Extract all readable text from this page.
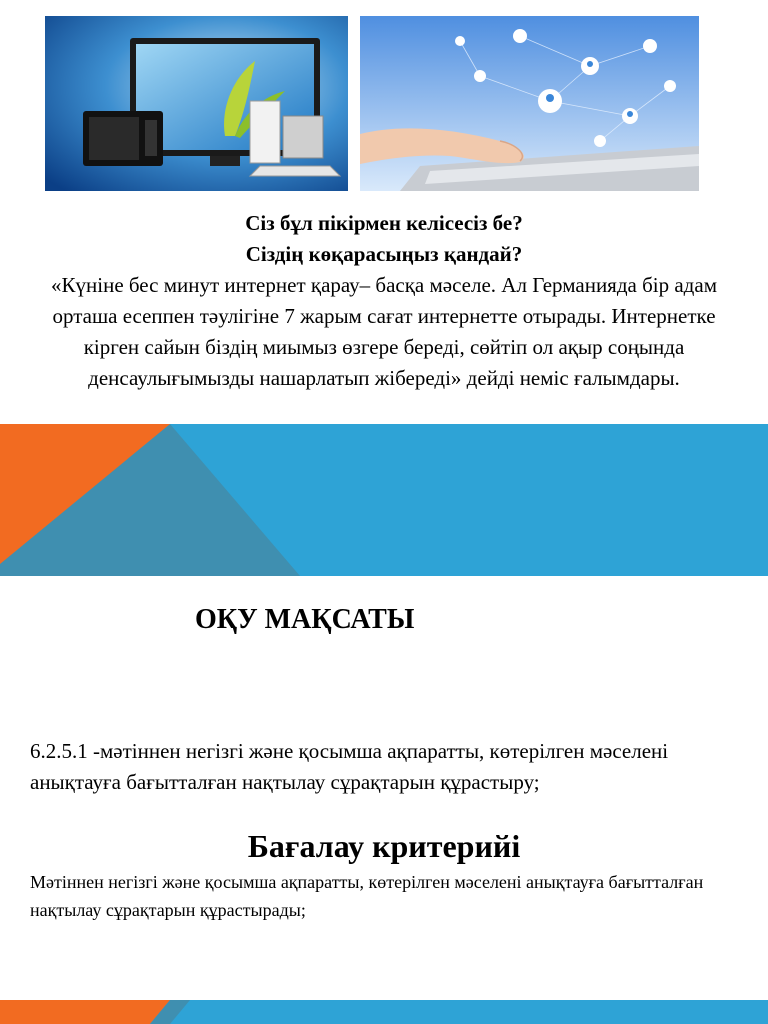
Сіз бұл пікірмен келісесіз бе?
Сіздің көқарасыңыз қандай?
«Күніне бес минут интернет қарау– басқа мәселе. Ал Германияда бір адам орташа есеппен тәулігіне 7 жарым сағат интернетте отырады. Интернетке кірген сайын біздің миымыз өзгере береді, сөйтіп ол ақыр соңында денсаулығымызды нашарлатып жібереді» дейді неміс ғалымдары.
ОҚУ МАҚСАТЫ
6.2.5.1 -мәтіннен негізгі және қосымша ақпаратты, көтерілген мәселені анықтауға бағытталған нақтылау сұрақтарын құрастыру;
Бағалау критерийі
Мәтіннен негізгі және қосымша ақпаратты, көтерілген мәселені анықтауға бағытталған нақтылау сұрақтарын құрастырады;
